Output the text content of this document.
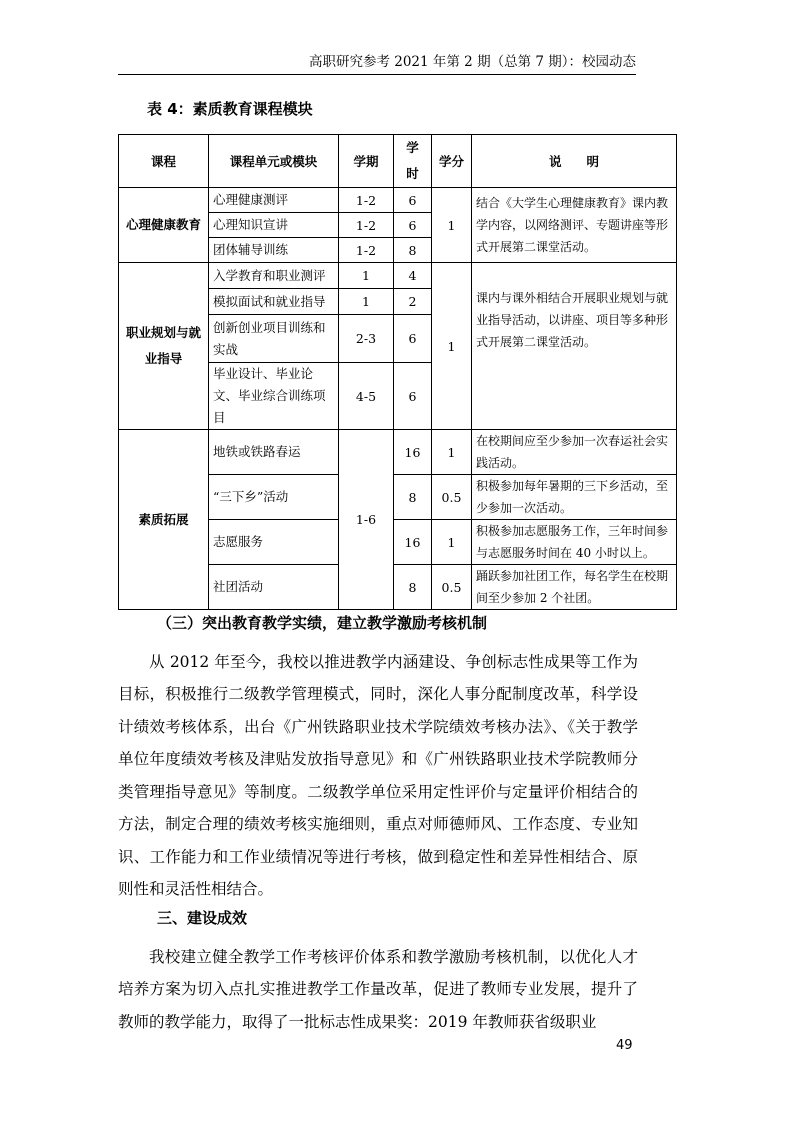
高职研究参考 2021 年第 2 期（总第 7 期）：校园动态
表 4：素质教育课程模块
课程	课程单元或模块	学期	学时	学分	说　　明
心理健康教育	心理健康测评	1-2	6	1	结合《大学生心理健康教育》课内教学内容，以网络测评、专题讲座等形式开展第二课堂活动。
	心理知识宣讲	1-2	6		
	团体辅导训练	1-2	8		
职业规划与就业指导	入学教育和职业测评	1	4	1	课内与课外相结合开展职业规划与就业指导活动，以讲座、项目等多种形式开展第二课堂活动。
	模拟面试和就业指导	1	2		
	创新创业项目训练和实战	2-3	6		
	毕业设计、毕业论文、毕业综合训练项目	4-5	6		
素质拓展	地铁或铁路春运	1-6	16	1	在校期间应至少参加一次春运社会实践活动。
	“三下乡”活动		8	0.5	积极参加每年暑期的三下乡活动，至少参加一次活动。
	志愿服务		16	1	积极参加志愿服务工作，三年时间参与志愿服务时间在 40 小时以上。
	社团活动		8	0.5	踊跃参加社团工作，每名学生在校期间至少参加 2 个社团。
（三）突出教育教学实绩，建立教学激励考核机制

从 2012 年至今，我校以推进教学内涵建设、争创标志性成果等工作为目标，积极推行二级教学管理模式，同时，深化人事分配制度改革，科学设计绩效考核体系，出台《广州铁路职业技术学院绩效考核办法》、《关于教学单位年度绩效考核及津贴发放指导意见》和《广州铁路职业技术学院教师分类管理指导意见》等制度。二级教学单位采用定性评价与定量评价相结合的方法，制定合理的绩效考核实施细则，重点对师德师风、工作态度、专业知识、工作能力和工作业绩情况等进行考核，做到稳定性和差异性相结合、原则性和灵活性相结合。

三、建设成效

我校建立健全教学工作考核评价体系和教学激励考核机制，以优化人才培养方案为切入点扎实推进教学工作量改革，促进了教师专业发展，提升了教师的教学能力，取得了一批标志性成果奖：2019 年教师获省级职业

49
